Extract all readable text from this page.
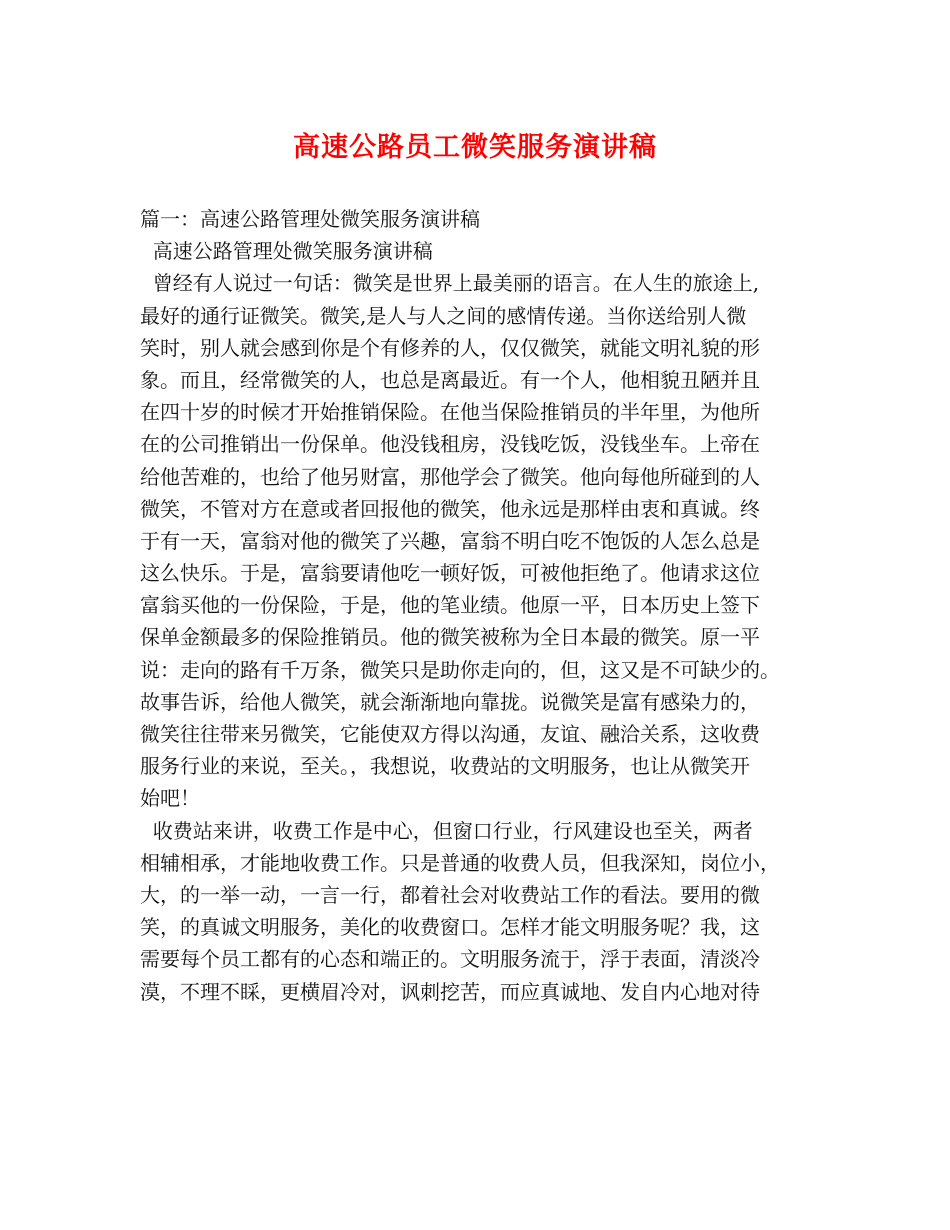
高速公路员工微笑服务演讲稿
篇一：高速公路管理处微笑服务演讲稿
高速公路管理处微笑服务演讲稿
曾经有人说过一句话：微笑是世界上最美丽的语言。在人生的旅途上,
最好的通行证微笑。微笑,是人与人之间的感情传递。当你送给别人微
笑时，别人就会感到你是个有修养的人，仅仅微笑，就能文明礼貌的形
象。而且，经常微笑的人，也总是离最近。有一个人，他相貌丑陋并且
在四十岁的时候才开始推销保险。在他当保险推销员的半年里，为他所
在的公司推销出一份保单。他没钱租房，没钱吃饭，没钱坐车。上帝在
给他苦难的，也给了他另财富，那他学会了微笑。他向每他所碰到的人
微笑，不管对方在意或者回报他的微笑，他永远是那样由衷和真诚。终
于有一天，富翁对他的微笑了兴趣，富翁不明白吃不饱饭的人怎么总是
这么快乐。于是，富翁要请他吃一顿好饭，可被他拒绝了。他请求这位
富翁买他的一份保险，于是，他的笔业绩。他原一平，日本历史上签下
保单金额最多的保险推销员。他的微笑被称为全日本最的微笑。原一平
说：走向的路有千万条，微笑只是助你走向的，但，这又是不可缺少的。
故事告诉，给他人微笑，就会渐渐地向靠拢。说微笑是富有感染力的，
微笑往往带来另微笑，它能使双方得以沟通，友谊、融洽关系，这收费
服务行业的来说，至关。，我想说，收费站的文明服务，也让从微笑开
始吧！
收费站来讲，收费工作是中心，但窗口行业，行风建设也至关，两者
相辅相承，才能地收费工作。只是普通的收费人员，但我深知，岗位小，
大，的一举一动，一言一行，都着社会对收费站工作的看法。要用的微
笑，的真诚文明服务，美化的收费窗口。怎样才能文明服务呢？我，这
需要每个员工都有的心态和端正的。文明服务流于，浮于表面，清淡冷
漠，不理不睬，更横眉冷对，讽刺挖苦，而应真诚地、发自内心地对待
